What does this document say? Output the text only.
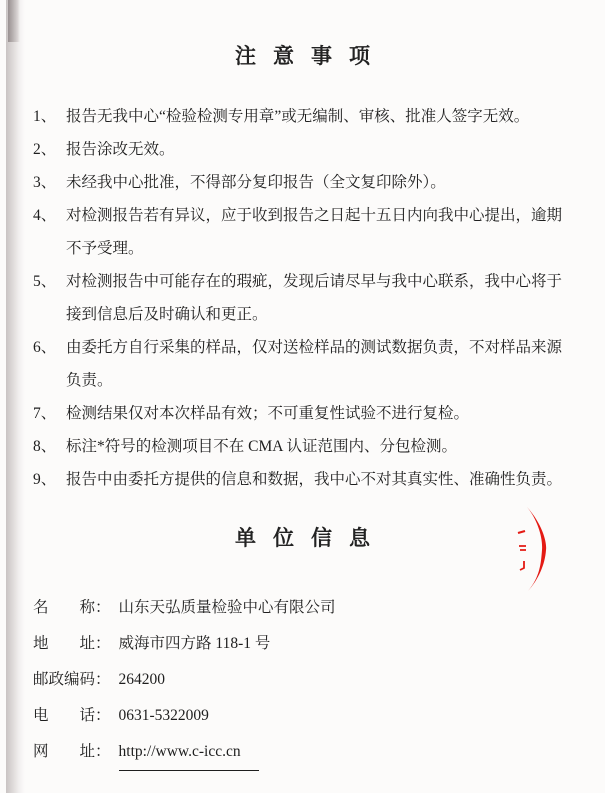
注意事项
1、 报告无我中心“检验检测专用章”或无编制、审核、批准人签字无效。
2、 报告涂改无效。
3、 未经我中心批准，不得部分复印报告（全文复印除外）。
4、 对检测报告若有异议，应于收到报告之日起十五日内向我中心提出，逾期不予受理。
5、 对检测报告中可能存在的瑕疵，发现后请尽早与我中心联系，我中心将于接到信息后及时确认和更正。
6、 由委托方自行采集的样品，仅对送检样品的测试数据负责，不对样品来源负责。
7、 检测结果仅对本次样品有效；不可重复性试验不进行复检。
8、 标注*符号的检测项目不在 CMA 认证范围内、分包检测。
9、 报告中由委托方提供的信息和数据，我中心不对其真实性、准确性负责。
单位信息
名称 ： 山东天弘质量检验中心有限公司
地址 ： 威海市四方路 118-1 号
邮政编码 ： 264200
电话 ： 0631-5322009
网址 ： http://www.c-icc.cn
